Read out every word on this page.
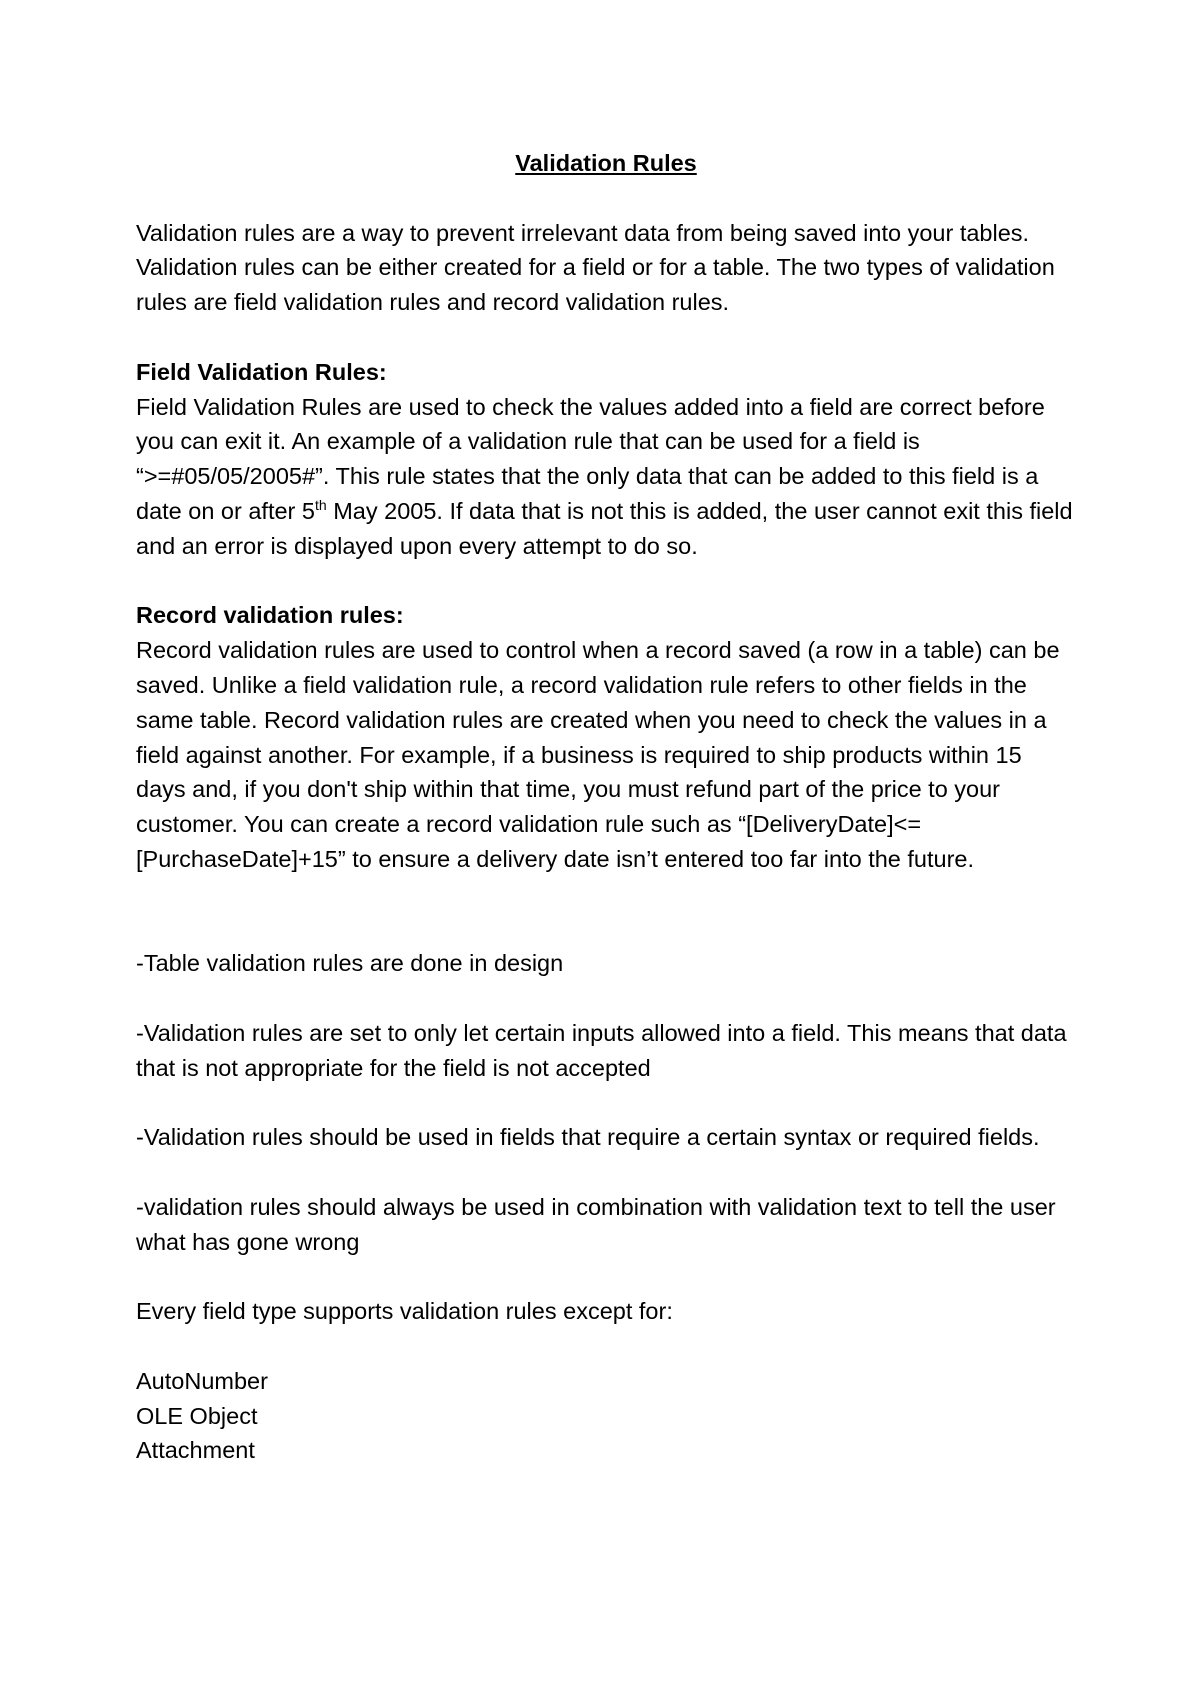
Validation Rules

Validation rules are a way to prevent irrelevant data from being saved into your tables. Validation rules can be either created for a field or for a table. The two types of validation rules are field validation rules and record validation rules.

Field Validation Rules:

Field Validation Rules are used to check the values added into a field are correct before you can exit it. An example of a validation rule that can be used for a field is “>=#05/05/2005#”. This rule states that the only data that can be added to this field is a date on or after 5th May 2005. If data that is not this is added, the user cannot exit this field and an error is displayed upon every attempt to do so.

Record validation rules:

Record validation rules are used to control when a record saved (a row in a table) can be saved. Unlike a field validation rule, a record validation rule refers to other fields in the same table. Record validation rules are created when you need to check the values in a field against another. For example, if a business is required to ship products within 15 days and, if you don't ship within that time, you must refund part of the price to your customer. You can create a record validation rule such as “[DeliveryDate]<=[PurchaseDate]+15” to ensure a delivery date isn’t entered too far into the future.

-Table validation rules are done in design

-Validation rules are set to only let certain inputs allowed into a field. This means that data that is not appropriate for the field is not accepted

-Validation rules should be used in fields that require a certain syntax or required fields.

-validation rules should always be used in combination with validation text to tell the user what has gone wrong

Every field type supports validation rules except for:

AutoNumber

OLE Object

Attachment
